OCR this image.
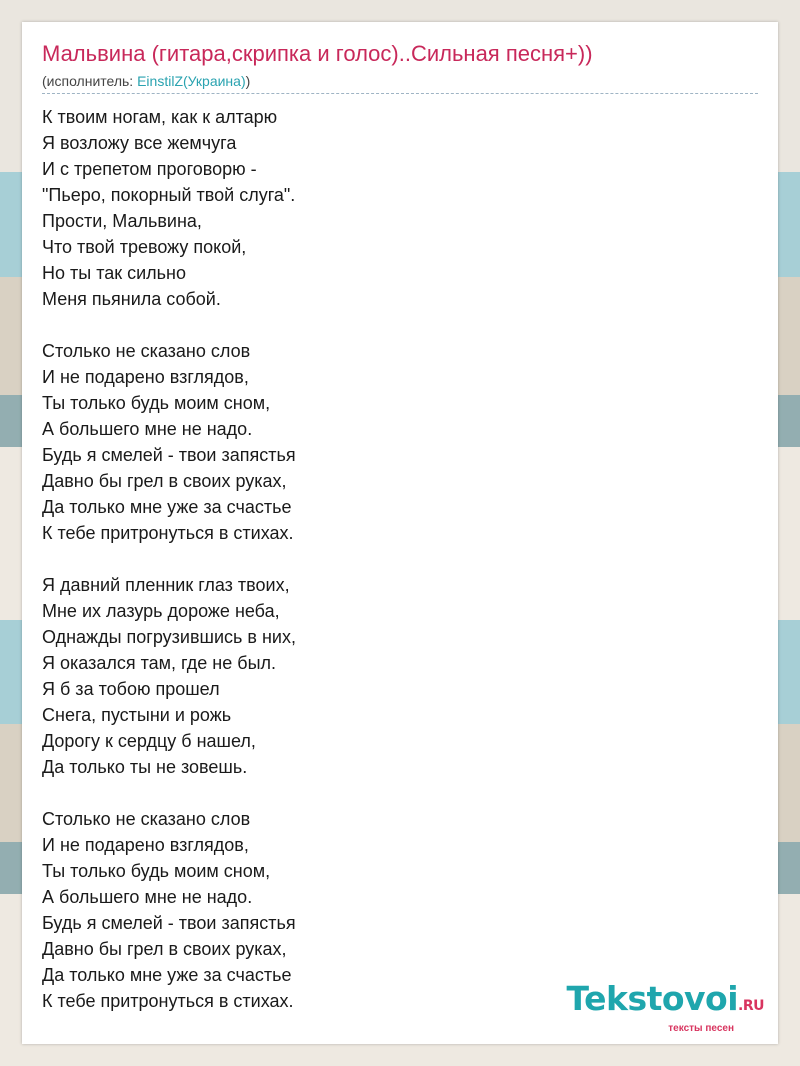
Мальвина (гитара,скрипка и голос)..Сильная песня+))
(исполнитель: EinstilZ(Украина))
К твоим ногам, как к алтарю
Я возложу все жемчуга
И с трепетом проговорю -
"Пьеро, покорный твой слуга".
Прости, Мальвина,
Что твой тревожу покой,
Но ты так сильно
Меня пьянила собой.
Столько не сказано слов
И не подарено взглядов,
Ты только будь моим сном,
А большего мне не надо.
Будь я смелей - твои запястья
Давно бы грел в своих руках,
Да только мне уже за счастье
К тебе притронуться в стихах.
Я давний пленник глаз твоих,
Мне их лазурь дороже неба,
Однажды погрузившись в них,
Я оказался там, где не был.
Я б за тобою прошел
Снега, пустыни и рожь
Дорогу к сердцу б нашел,
Да только ты не зовешь.
Столько не сказано слов
И не подарено взглядов,
Ты только будь моим сном,
А большего мне не надо.
Будь я смелей - твои запястья
Давно бы грел в своих руках,
Да только мне уже за счастье
К тебе притронуться в стихах.	Tekstovoi.RU
тексты песен
